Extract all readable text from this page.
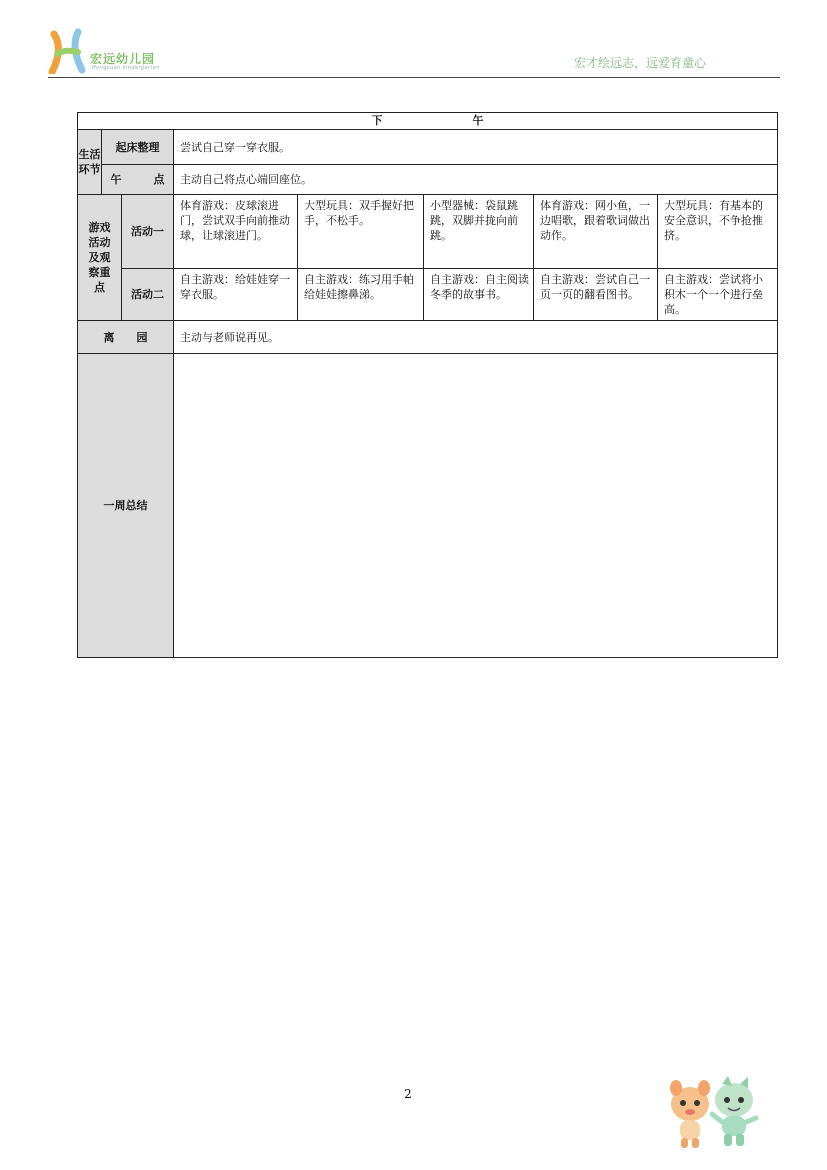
宏远幼儿园
Hongyuan kindergarten	宏才绘远志，远爱育童心
下 午							
生活环节	起床整理		尝试自己穿一穿衣服。				
	午 点		主动自己将点心端回座位。				
游戏活动及观察重点		活动一	体育游戏：皮球滚进门，尝试双手向前推动球，让球滚进门。	大型玩具：双手握好把手，不松手。	小型器械：袋鼠跳跳，双脚并拢向前跳。	体育游戏：网小鱼，一边唱歌，跟着歌词做出动作。	大型玩具：有基本的安全意识，不争抢推挤。
		活动二	自主游戏：给娃娃穿一穿衣服。	自主游戏：练习用手帕给娃娃擦鼻涕。	自主游戏：自主阅读冬季的故事书。	自主游戏：尝试自己一页一页的翻看图书。	自主游戏：尝试将小积木一个一个进行垒高。
离　　园			主动与老师说再见。				
一周总结							
2
